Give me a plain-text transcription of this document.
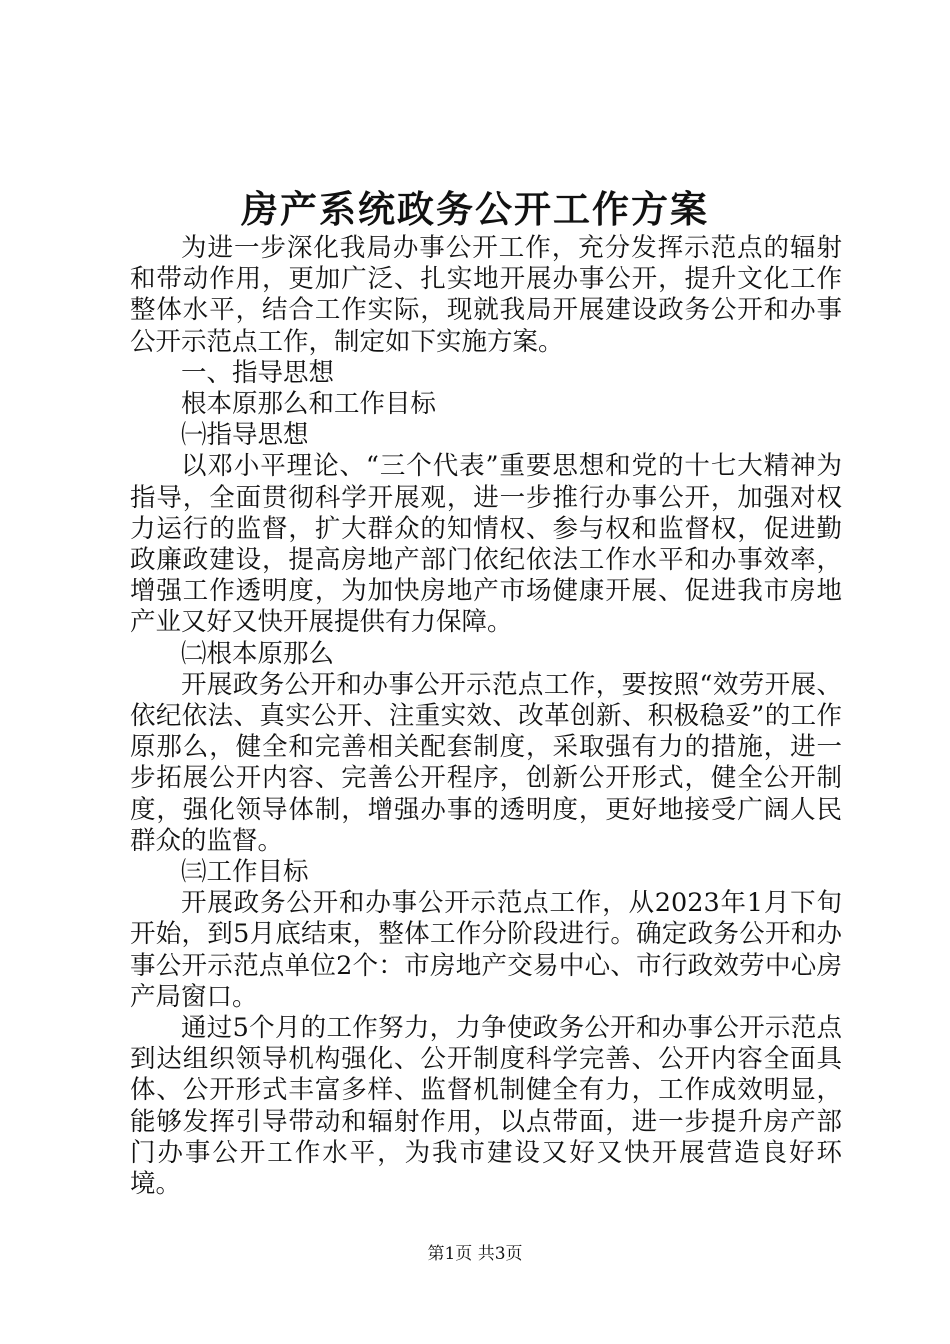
房产系统政务公开工作方案

为进一步深化我局办事公开工作，充分发挥示范点的辐射和带动作用，更加广泛、扎实地开展办事公开，提升文化工作整体水平，结合工作实际，现就我局开展建设政务公开和办事公开示范点工作，制定如下实施方案。

一、指导思想

根本原那么和工作目标

㈠指导思想

以邓小平理论、“三个代表”重要思想和党的十七大精神为指导，全面贯彻科学开展观，进一步推行办事公开，加强对权力运行的监督，扩大群众的知情权、参与权和监督权，促进勤政廉政建设，提高房地产部门依纪依法工作水平和办事效率，增强工作透明度，为加快房地产市场健康开展、促进我市房地产业又好又快开展提供有力保障。

㈡根本原那么

开展政务公开和办事公开示范点工作，要按照“效劳开展、依纪依法、真实公开、注重实效、改革创新、积极稳妥”的工作原那么，健全和完善相关配套制度，采取强有力的措施，进一步拓展公开内容、完善公开程序，创新公开形式，健全公开制度，强化领导体制，增强办事的透明度，更好地接受广阔人民群众的监督。

㈢工作目标

开展政务公开和办事公开示范点工作，从2023年1月下旬开始，到5月底结束，整体工作分阶段进行。确定政务公开和办事公开示范点单位2个：市房地产交易中心、市行政效劳中心房产局窗口。

通过5个月的工作努力，力争使政务公开和办事公开示范点到达组织领导机构强化、公开制度科学完善、公开内容全面具体、公开形式丰富多样、监督机制健全有力，工作成效明显，能够发挥引导带动和辐射作用，以点带面，进一步提升房产部门办事公开工作水平，为我市建设又好又快开展营造良好环境。

第1页 共3页
